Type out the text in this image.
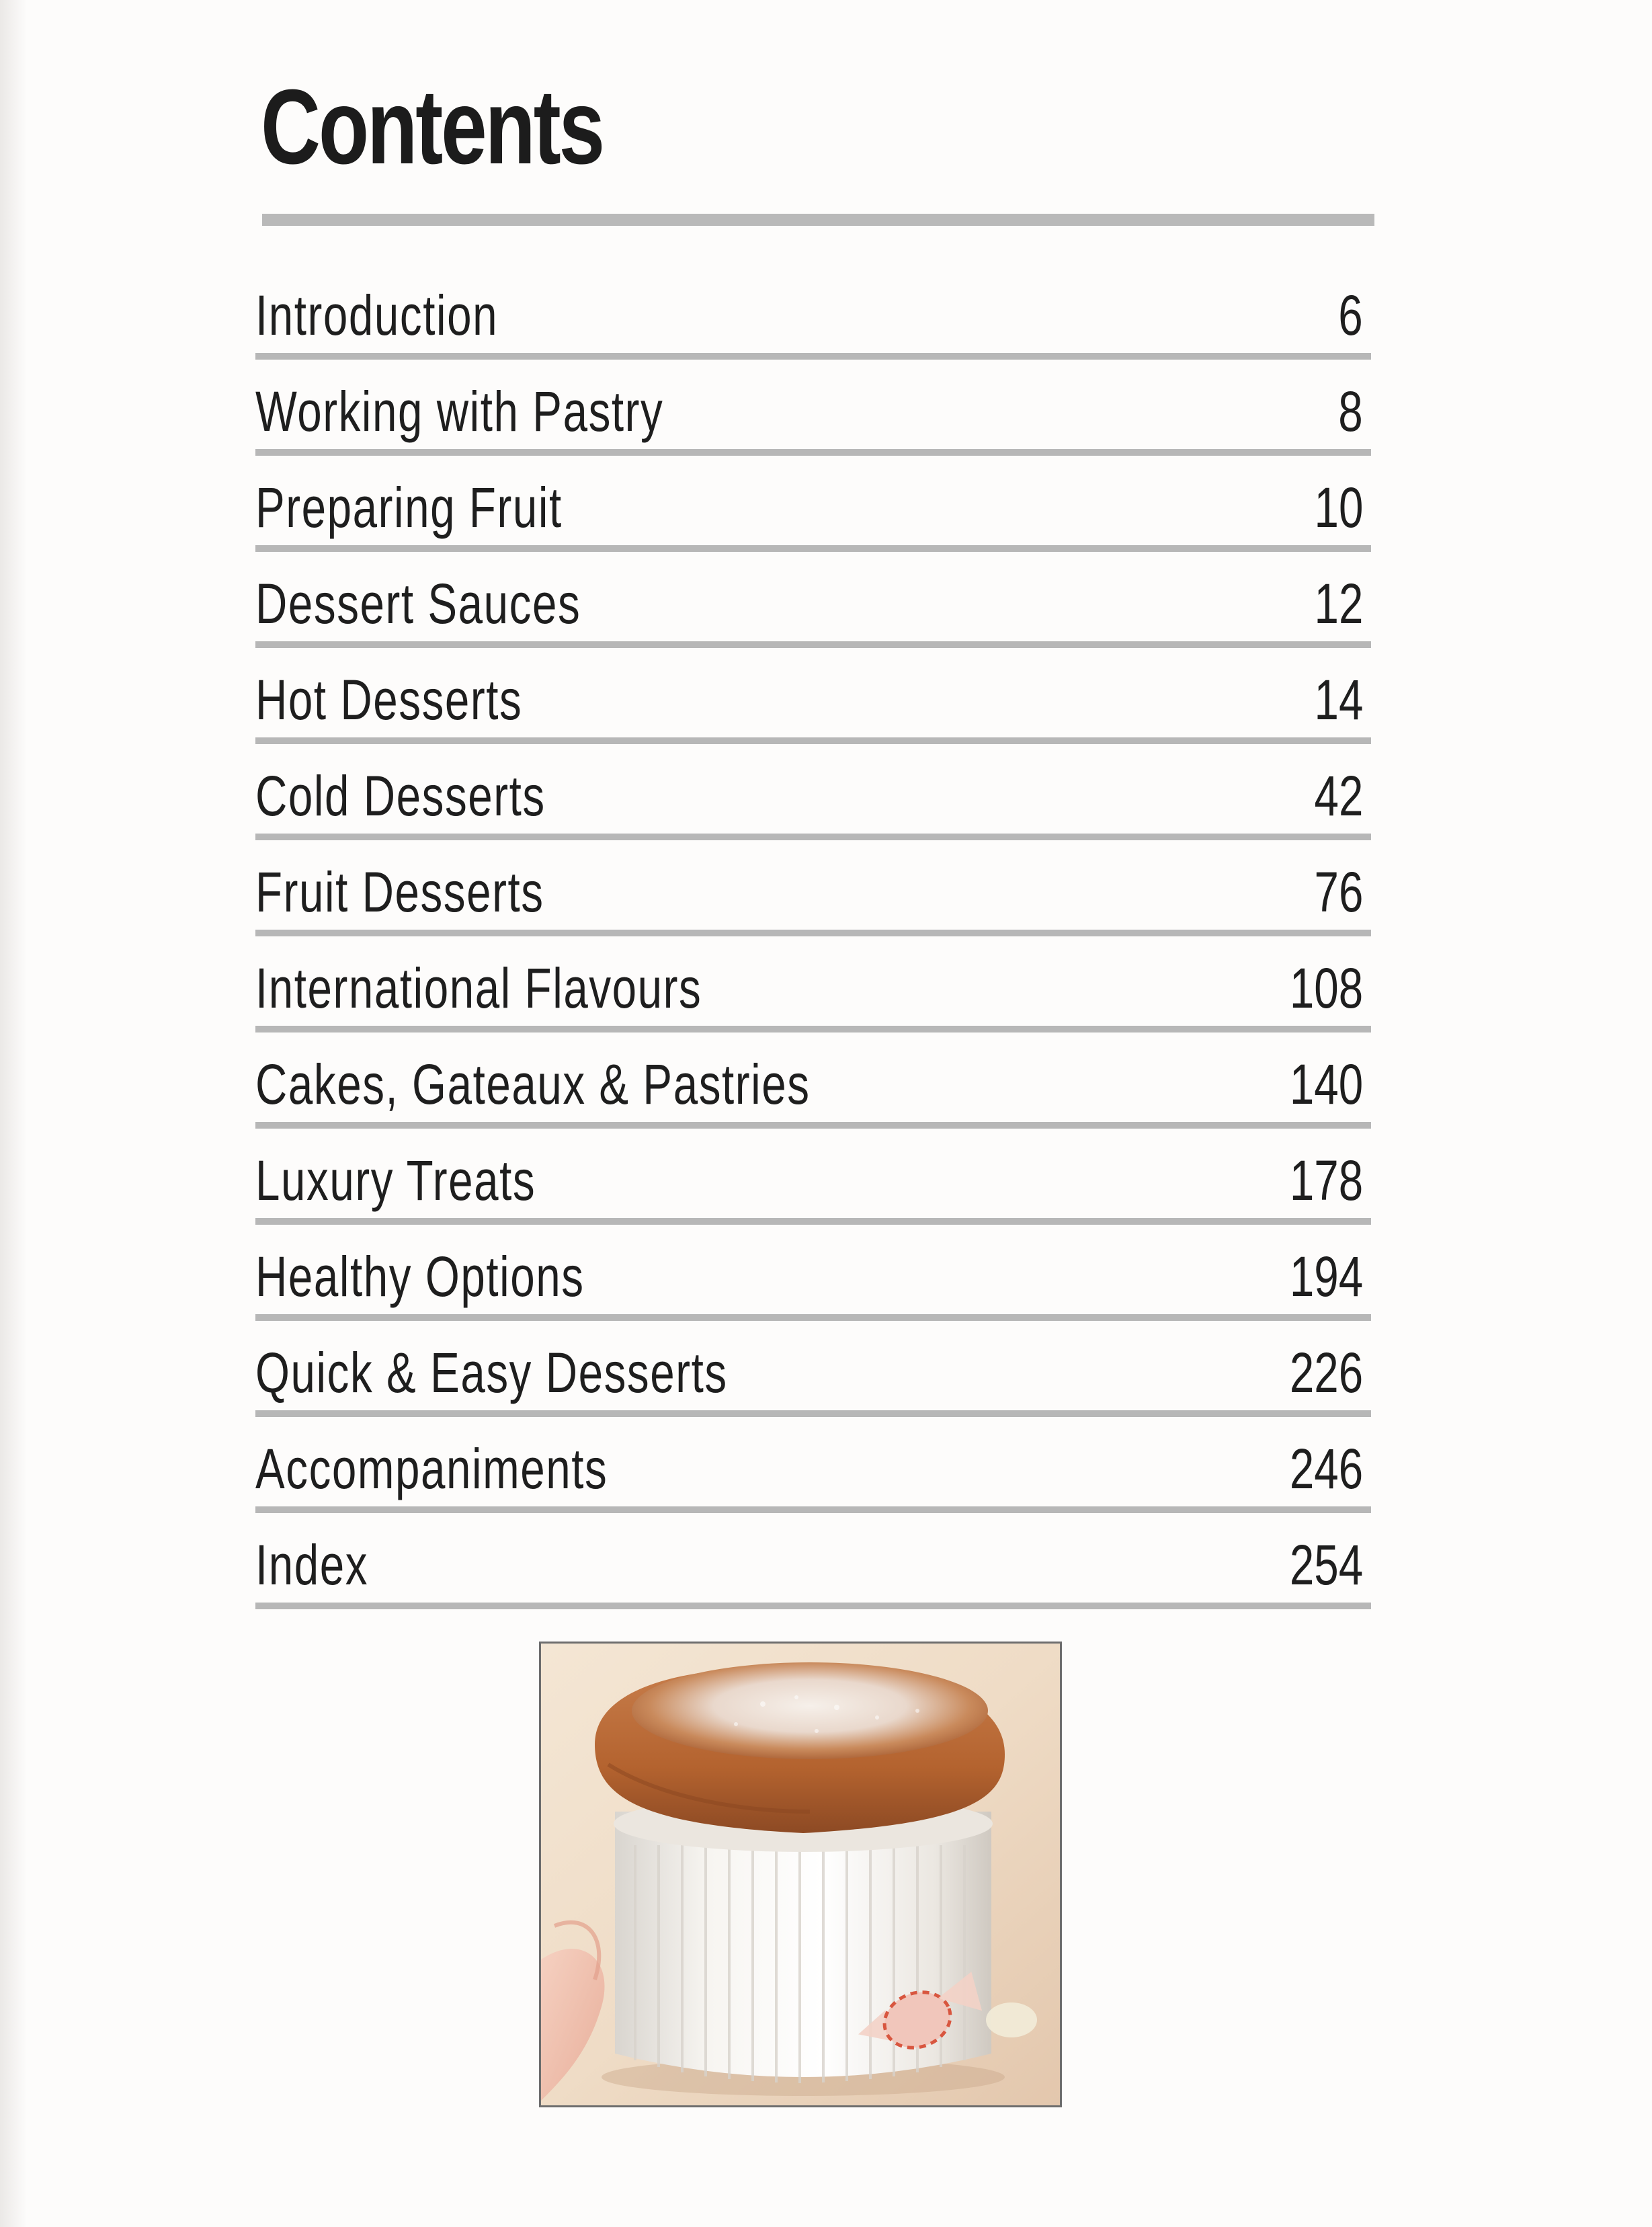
Contents
Introduction	6
Working with Pastry	8
Preparing Fruit	10
Dessert Sauces	12
Hot Desserts	14
Cold Desserts	42
Fruit Desserts	76
International Flavours	108
Cakes, Gateaux & Pastries	140
Luxury Treats	178
Healthy Options	194
Quick & Easy Desserts	226
Accompaniments	246
Index	254
